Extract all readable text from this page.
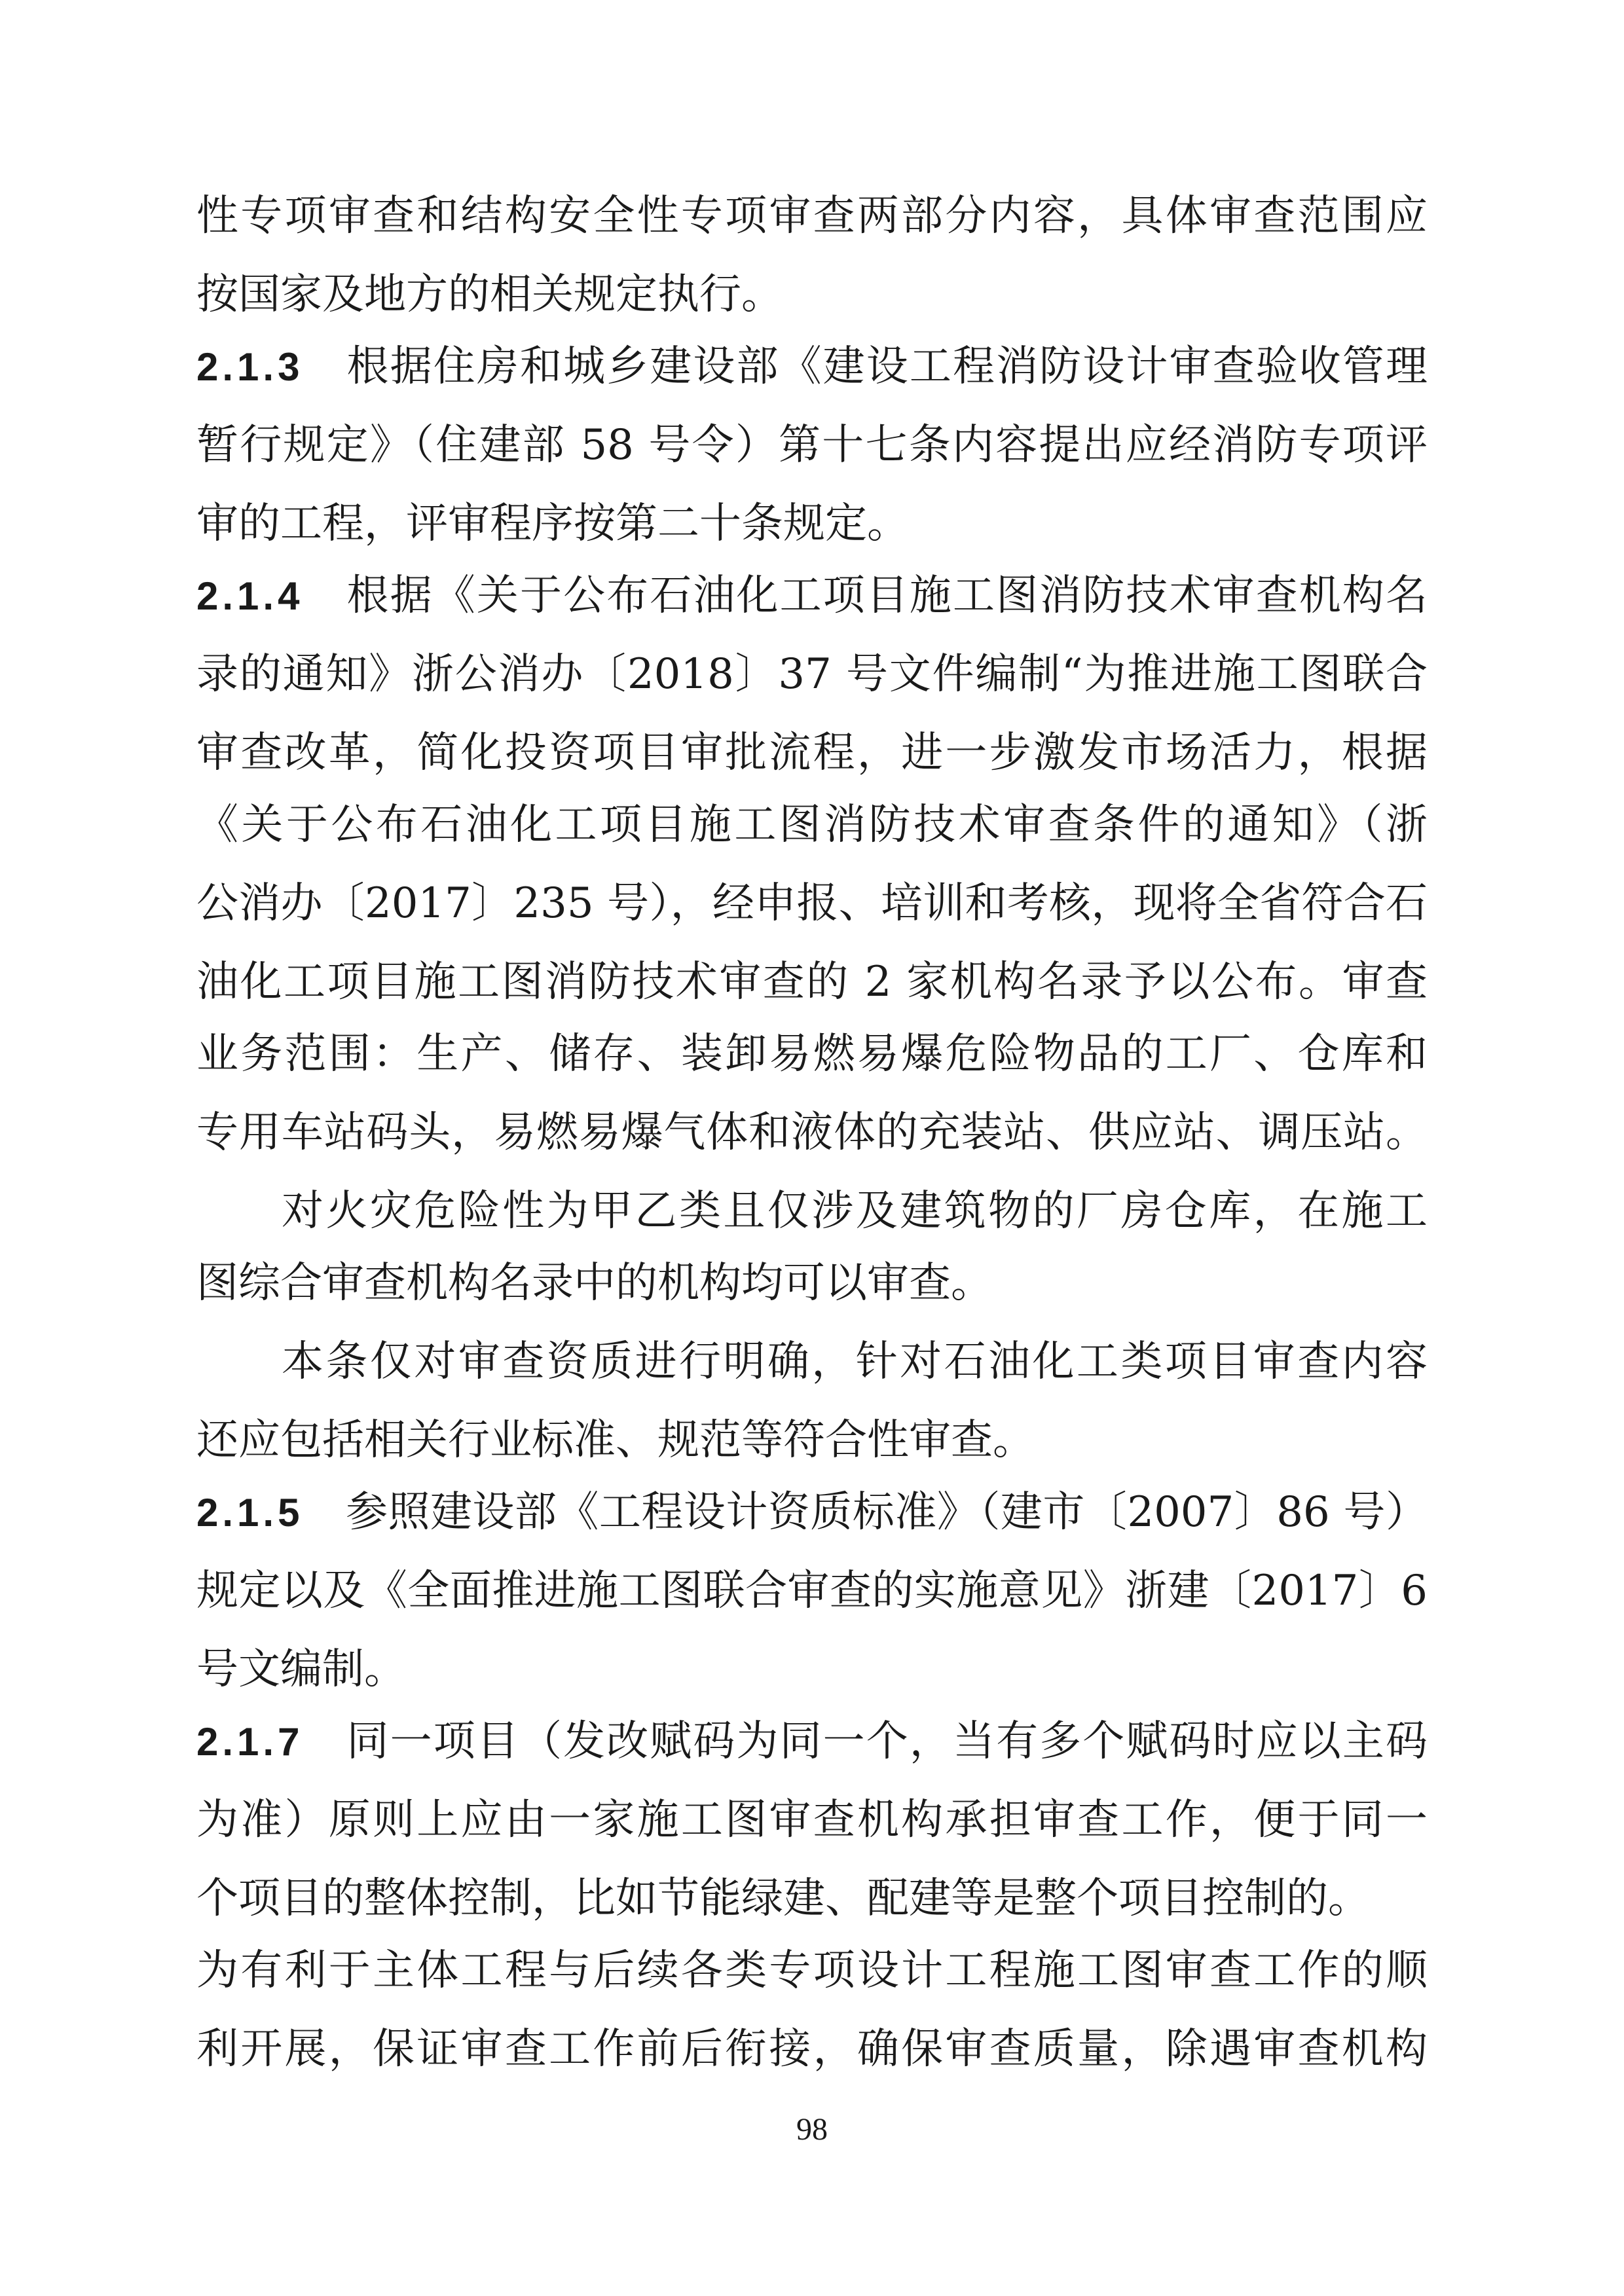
性专项审查和结构安全性专项审查两部分内容，具体审查范围应
按国家及地方的相关规定执行。
2.1.3 根据住房和城乡建设部《建设工程消防设计审查验收管理
暂行规定》（住建部 58 号令）第十七条内容提出应经消防专项评
审的工程，评审程序按第二十条规定。
2.1.4 根据《关于公布石油化工项目施工图消防技术审查机构名
录的通知》浙公消办〔2018〕37 号文件编制“为推进施工图联合
审查改革，简化投资项目审批流程，进一步激发市场活力，根据
《关于公布石油化工项目施工图消防技术审查条件的通知》（浙
公消办〔2017〕235 号），经申报、培训和考核，现将全省符合石
油化工项目施工图消防技术审查的 2 家机构名录予以公布。审查
业务范围：生产、储存、装卸易燃易爆危险物品的工厂、仓库和
专用车站码头，易燃易爆气体和液体的充装站、供应站、调压站。
对火灾危险性为甲乙类且仅涉及建筑物的厂房仓库，在施工
图综合审查机构名录中的机构均可以审查。
本条仅对审查资质进行明确，针对石油化工类项目审查内容
还应包括相关行业标准、规范等符合性审查。
2.1.5 参照建设部《工程设计资质标准》（建市〔2007〕86 号）
规定以及《全面推进施工图联合审查的实施意见》浙建〔2017〕6
号文编制。
2.1.7 同一项目（发改赋码为同一个，当有多个赋码时应以主码
为准）原则上应由一家施工图审查机构承担审查工作，便于同一
个项目的整体控制，比如节能绿建、配建等是整个项目控制的。
为有利于主体工程与后续各类专项设计工程施工图审查工作的顺
利开展，保证审查工作前后衔接，确保审查质量，除遇审查机构
98
